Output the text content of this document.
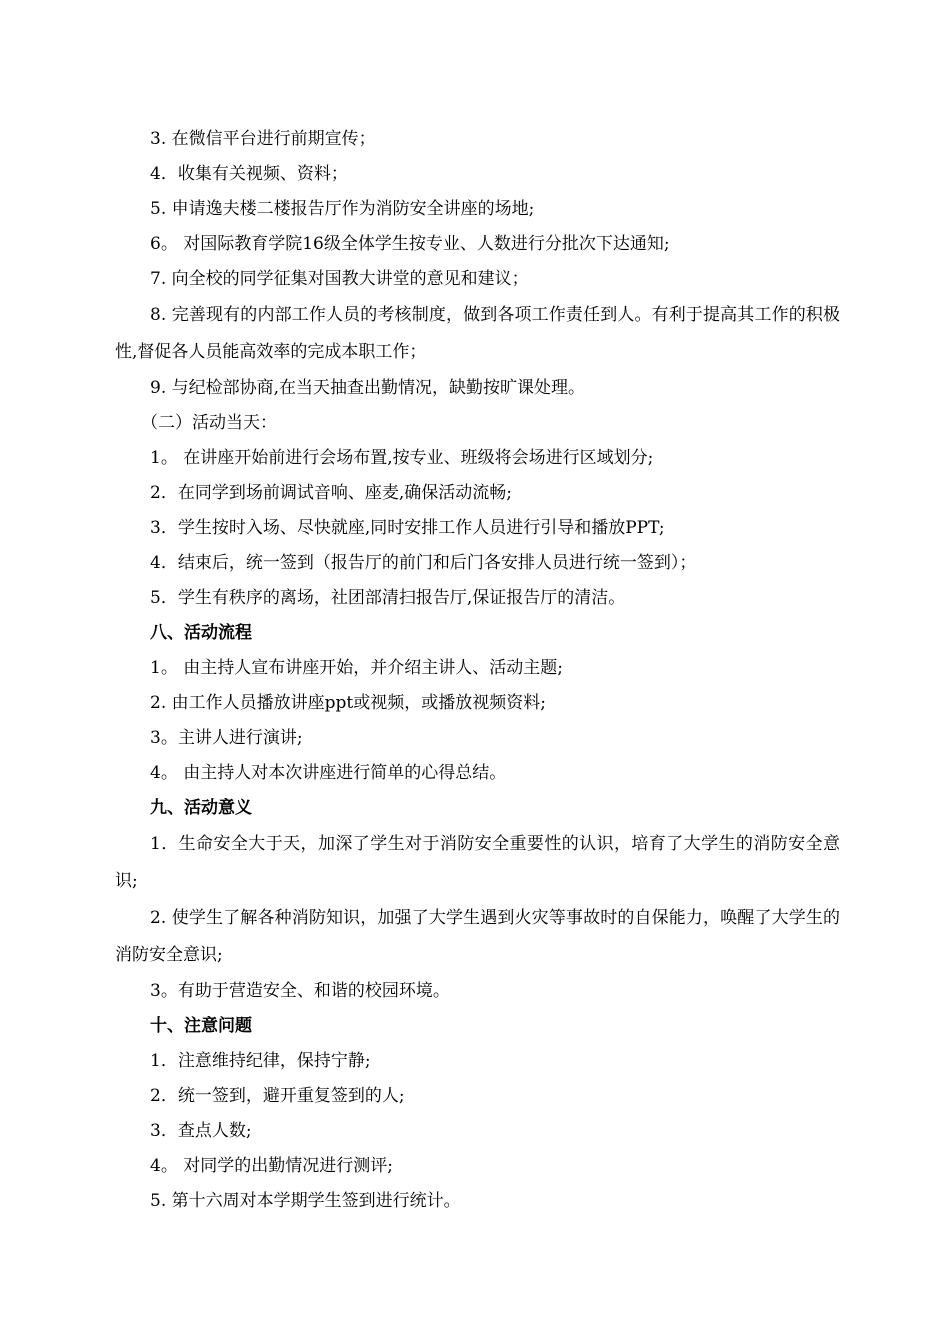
3. 在微信平台进行前期宣传；
4．收集有关视频、资料；
5. 申请逸夫楼二楼报告厅作为消防安全讲座的场地;
6。 对国际教育学院16级全体学生按专业、人数进行分批次下达通知;
7. 向全校的同学征集对国教大讲堂的意见和建议；
8. 完善现有的内部工作人员的考核制度，做到各项工作责任到人。有利于提高其工作的积极性,督促各人员能高效率的完成本职工作；
9. 与纪检部协商,在当天抽查出勤情况，缺勤按旷课处理。
（二）活动当天：
1。 在讲座开始前进行会场布置,按专业、班级将会场进行区域划分;
2．在同学到场前调试音响、座麦,确保活动流畅;
3．学生按时入场、尽快就座,同时安排工作人员进行引导和播放PPT;
4．结束后，统一签到（报告厅的前门和后门各安排人员进行统一签到）；
5．学生有秩序的离场，社团部清扫报告厅,保证报告厅的清洁。
八、活动流程
1。 由主持人宣布讲座开始，并介绍主讲人、活动主题;
2. 由工作人员播放讲座ppt或视频，或播放视频资料;
3。主讲人进行演讲;
4。 由主持人对本次讲座进行简单的心得总结。
九、活动意义
1．生命安全大于天，加深了学生对于消防安全重要性的认识，培育了大学生的消防安全意识;
2. 使学生了解各种消防知识，加强了大学生遇到火灾等事故时的自保能力，唤醒了大学生的消防安全意识;
3。有助于营造安全、和谐的校园环境。
十、注意问题
1．注意维持纪律，保持宁静;
2．统一签到，避开重复签到的人;
3．查点人数;
4。 对同学的出勤情况进行测评;
5. 第十六周对本学期学生签到进行统计。
